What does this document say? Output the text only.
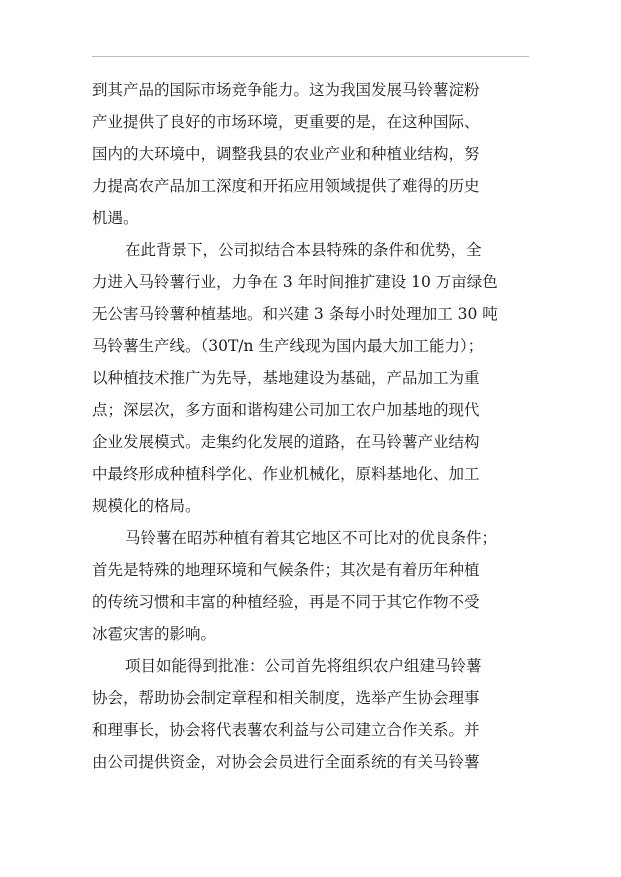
到其产品的国际市场竞争能力。这为我国发展马铃薯淀粉
产业提供了良好的市场环境，更重要的是，在这种国际、
国内的大环境中，调整我县的农业产业和种植业结构，努
力提高农产品加工深度和开拓应用领域提供了难得的历史
机遇。
在此背景下，公司拟结合本县特殊的条件和优势，全
力进入马铃薯行业，力争在 3 年时间推扩建设 10 万亩绿色
无公害马铃薯种植基地。和兴建 3 条每小时处理加工 30 吨
马铃薯生产线。（30T/n 生产线现为国内最大加工能力）；
以种植技术推广为先导，基地建设为基础，产品加工为重
点；深层次，多方面和谐构建公司加工农户加基地的现代
企业发展模式。走集约化发展的道路，在马铃薯产业结构
中最终形成种植科学化、作业机械化，原料基地化、加工
规模化的格局。
马铃薯在昭苏种植有着其它地区不可比对的优良条件；
首先是特殊的地理环境和气候条件；其次是有着历年种植
的传统习惯和丰富的种植经验，再是不同于其它作物不受
冰雹灾害的影响。
项目如能得到批准：公司首先将组织农户组建马铃薯
协会，帮助协会制定章程和相关制度，选举产生协会理事
和理事长，协会将代表薯农利益与公司建立合作关系。并
由公司提供资金，对协会会员进行全面系统的有关马铃薯
